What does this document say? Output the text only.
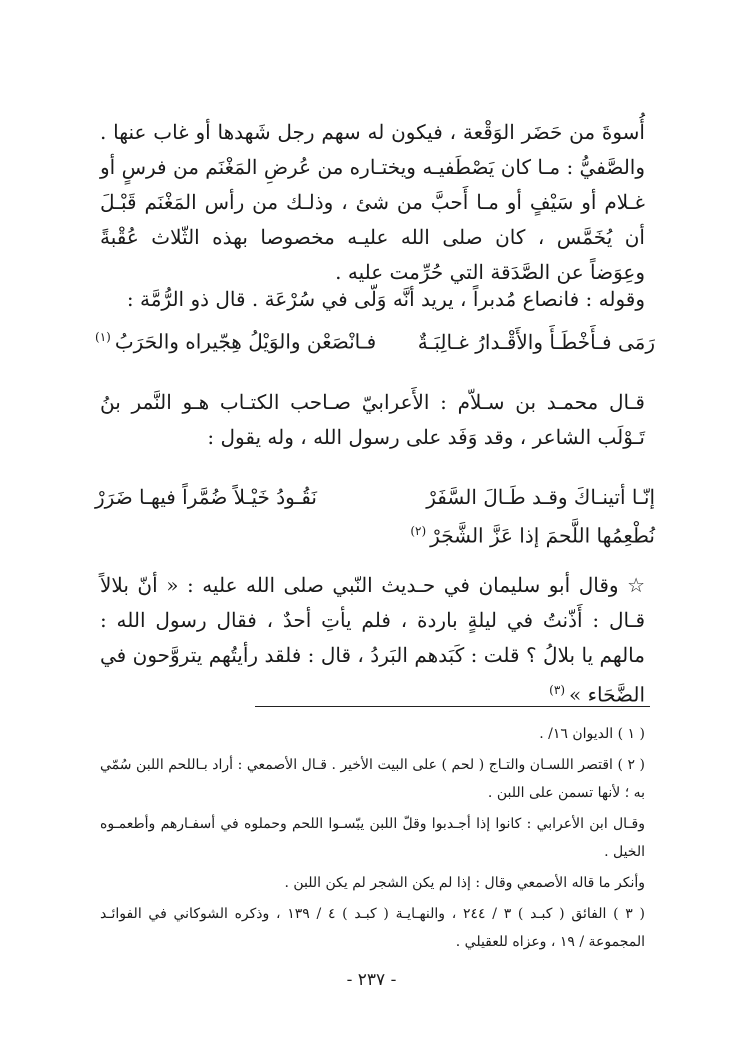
أُسوةَ من حَضَر الوَقْعة ، فيكون له سهم رجل شَهدها أو غاب عنها . والصَّفيُّ : مـا كان يَصْطَفيـه ويختـاره من عُرضِ المَغْنَم من فرسٍ أو غـلام أو سَيْفٍ أو مـا أَحبَّ من شئ ، وذلـك من رأس المَغْنَم قَبْـلَ أن يُخَمَّس ، كان صلى الله عليـه مخصوصا بهذه الثّلاث عُقْبةً وعِوَضاً عن الصَّدَقة التي حُرِّمت عليه .

وقوله : فانصاع مُدبراً ، يريد أنَّه وَلّى في سُرْعَة . قال ذو الرُّمَّة :

رَمَى فـأَخْطَـأَ والأَقْـدارُ غـالِبَـةٌ
فـانْصَعْن والوَيْلُ هِجّيراه والحَرَبُ$^{(١)}$

قـال محمـد بن سـلاّم : الأَعرابيّ صـاحب الكتـاب هـو النَّمر بنُ تَـوْلَب الشاعر ، وقد وَفَد على رسول الله ، وله يقول :

إنّـا أتينـاكَ وقـد طَـالَ السَّفَرْ
نَقُـودُ خَيْـلاً ضُمَّراً فيهـا ضَرَرْ
نُطْعِمُها اللَّحمَ إذا عَزَّ الشَّجَرْ$^{(٢)}$

☆ وقال أبو سليمان في حـديث النّبي صلى الله عليه : « أنّ بلالاً قـال : أَذّنتُ في ليلةٍ باردة ، فلم يأتِ أحدٌ ، فقال رسول الله : مالهم يا بلالُ ؟ قلت : كَبَدهم البَردُ ، قال : فلقد رأيتُهم يتروَّحون في الضَّحَاء »$^{(٣)}$

( ١ ) الديوان ١٦/ .

( ٢ ) اقتصر اللسـان والتـاج ( لحم ) على البيت الأخير . قـال الأصمعي : أراد بـاللحم اللبن سُمّي به ؛ لأنها تسمن على اللبن .

وقـال ابن الأعرابي : كانوا إذا أجـدبوا وقلّ اللبن يبّسـوا اللحم وحملوه في أسفـارهم وأطعمـوه الخيل .

وأنكر ما قاله الأصمعي وقال : إذا لم يكن الشجر لم يكن اللبن .

( ٣ ) الفائق ( كبـد ) ٣ / ٢٤٤ ، والنهـايـة ( كبـد ) ٤ / ١٣٩ ، وذكره الشوكاني في الفوائـد المجموعة / ١٩ ، وعزاه للعقيلي .

- ٢٣٧ -
